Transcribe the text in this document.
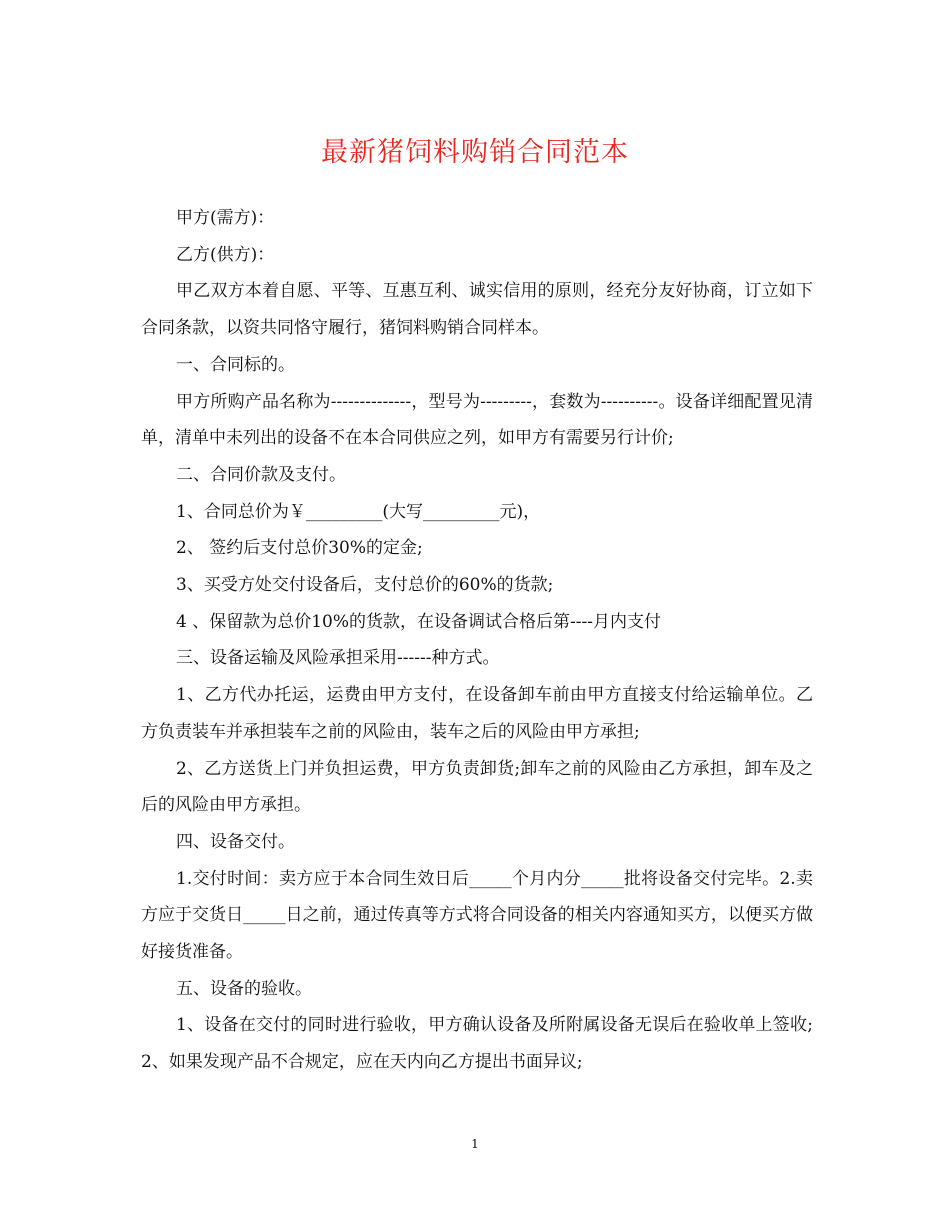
最新猪饲料购销合同范本

甲方(需方)：

乙方(供方)：

甲乙双方本着自愿、平等、互惠互利、诚实信用的原则，经充分友好协商，订立如下合同条款，以资共同恪守履行，猪饲料购销合同样本。

一、合同标的。

甲方所购产品名称为--------------，型号为---------，套数为----------。设备详细配置见清单，清单中未列出的设备不在本合同供应之列，如甲方有需要另行计价;

二、合同价款及支付。

1、合同总价为￥_________(大写_________元)，

2、 签约后支付总价30%的定金;

3、买受方处交付设备后，支付总价的60%的货款;

4 、保留款为总价10%的货款，在设备调试合格后第----月内支付

三、设备运输及风险承担采用------种方式。

1、乙方代办托运，运费由甲方支付，在设备卸车前由甲方直接支付给运输单位。乙方负责装车并承担装车之前的风险由，装车之后的风险由甲方承担;

2、乙方送货上门并负担运费，甲方负责卸货;卸车之前的风险由乙方承担，卸车及之后的风险由甲方承担。

四、设备交付。

1.交付时间：卖方应于本合同生效日后_____个月内分_____批将设备交付完毕。2.卖方应于交货日_____日之前，通过传真等方式将合同设备的相关内容通知买方，以便买方做好接货准备。

五、设备的验收。

1、设备在交付的同时进行验收，甲方确认设备及所附属设备无误后在验收单上签收;2、如果发现产品不合规定，应在天内向乙方提出书面异议;

1
